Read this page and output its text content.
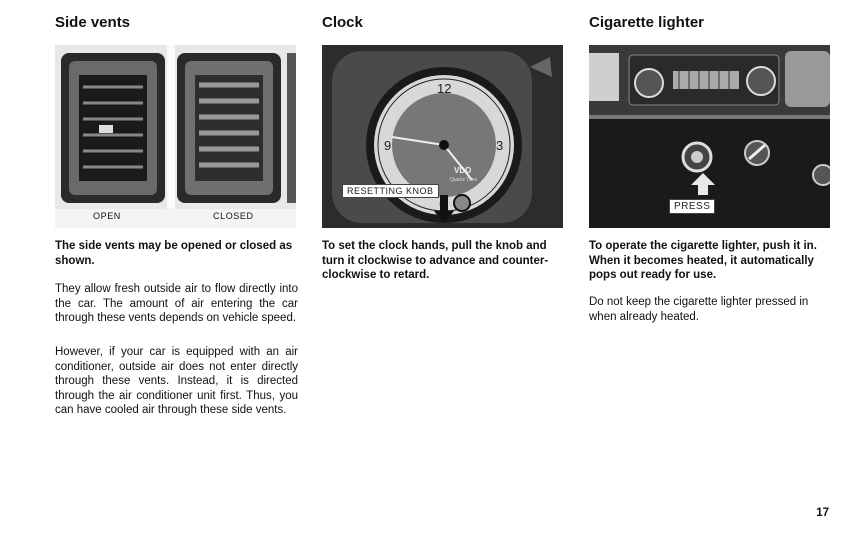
Side vents
OPEN	CLOSED
The side vents may be opened or closed as shown.
They allow fresh outside air to flow directly into the car. The amount of air entering the car through these vents depends on vehicle speed.
However, if your car is equipped with an air conditioner, outside air does not enter directly through these vents. Instead, it is directed through the air conditioner unit first. Thus, you can have cooled air through these side vents.
Clock
12
3
9
VDO
Quartz Time
RESETTING KNOB
To set the clock hands, pull the knob and turn it clockwise to advance and counter-clockwise to retard.
Cigarette lighter
PRESS
To operate the cigarette lighter, push it in. When it becomes heated, it automatically pops out ready for use.
Do not keep the cigarette lighter pressed in when already heated.
17
